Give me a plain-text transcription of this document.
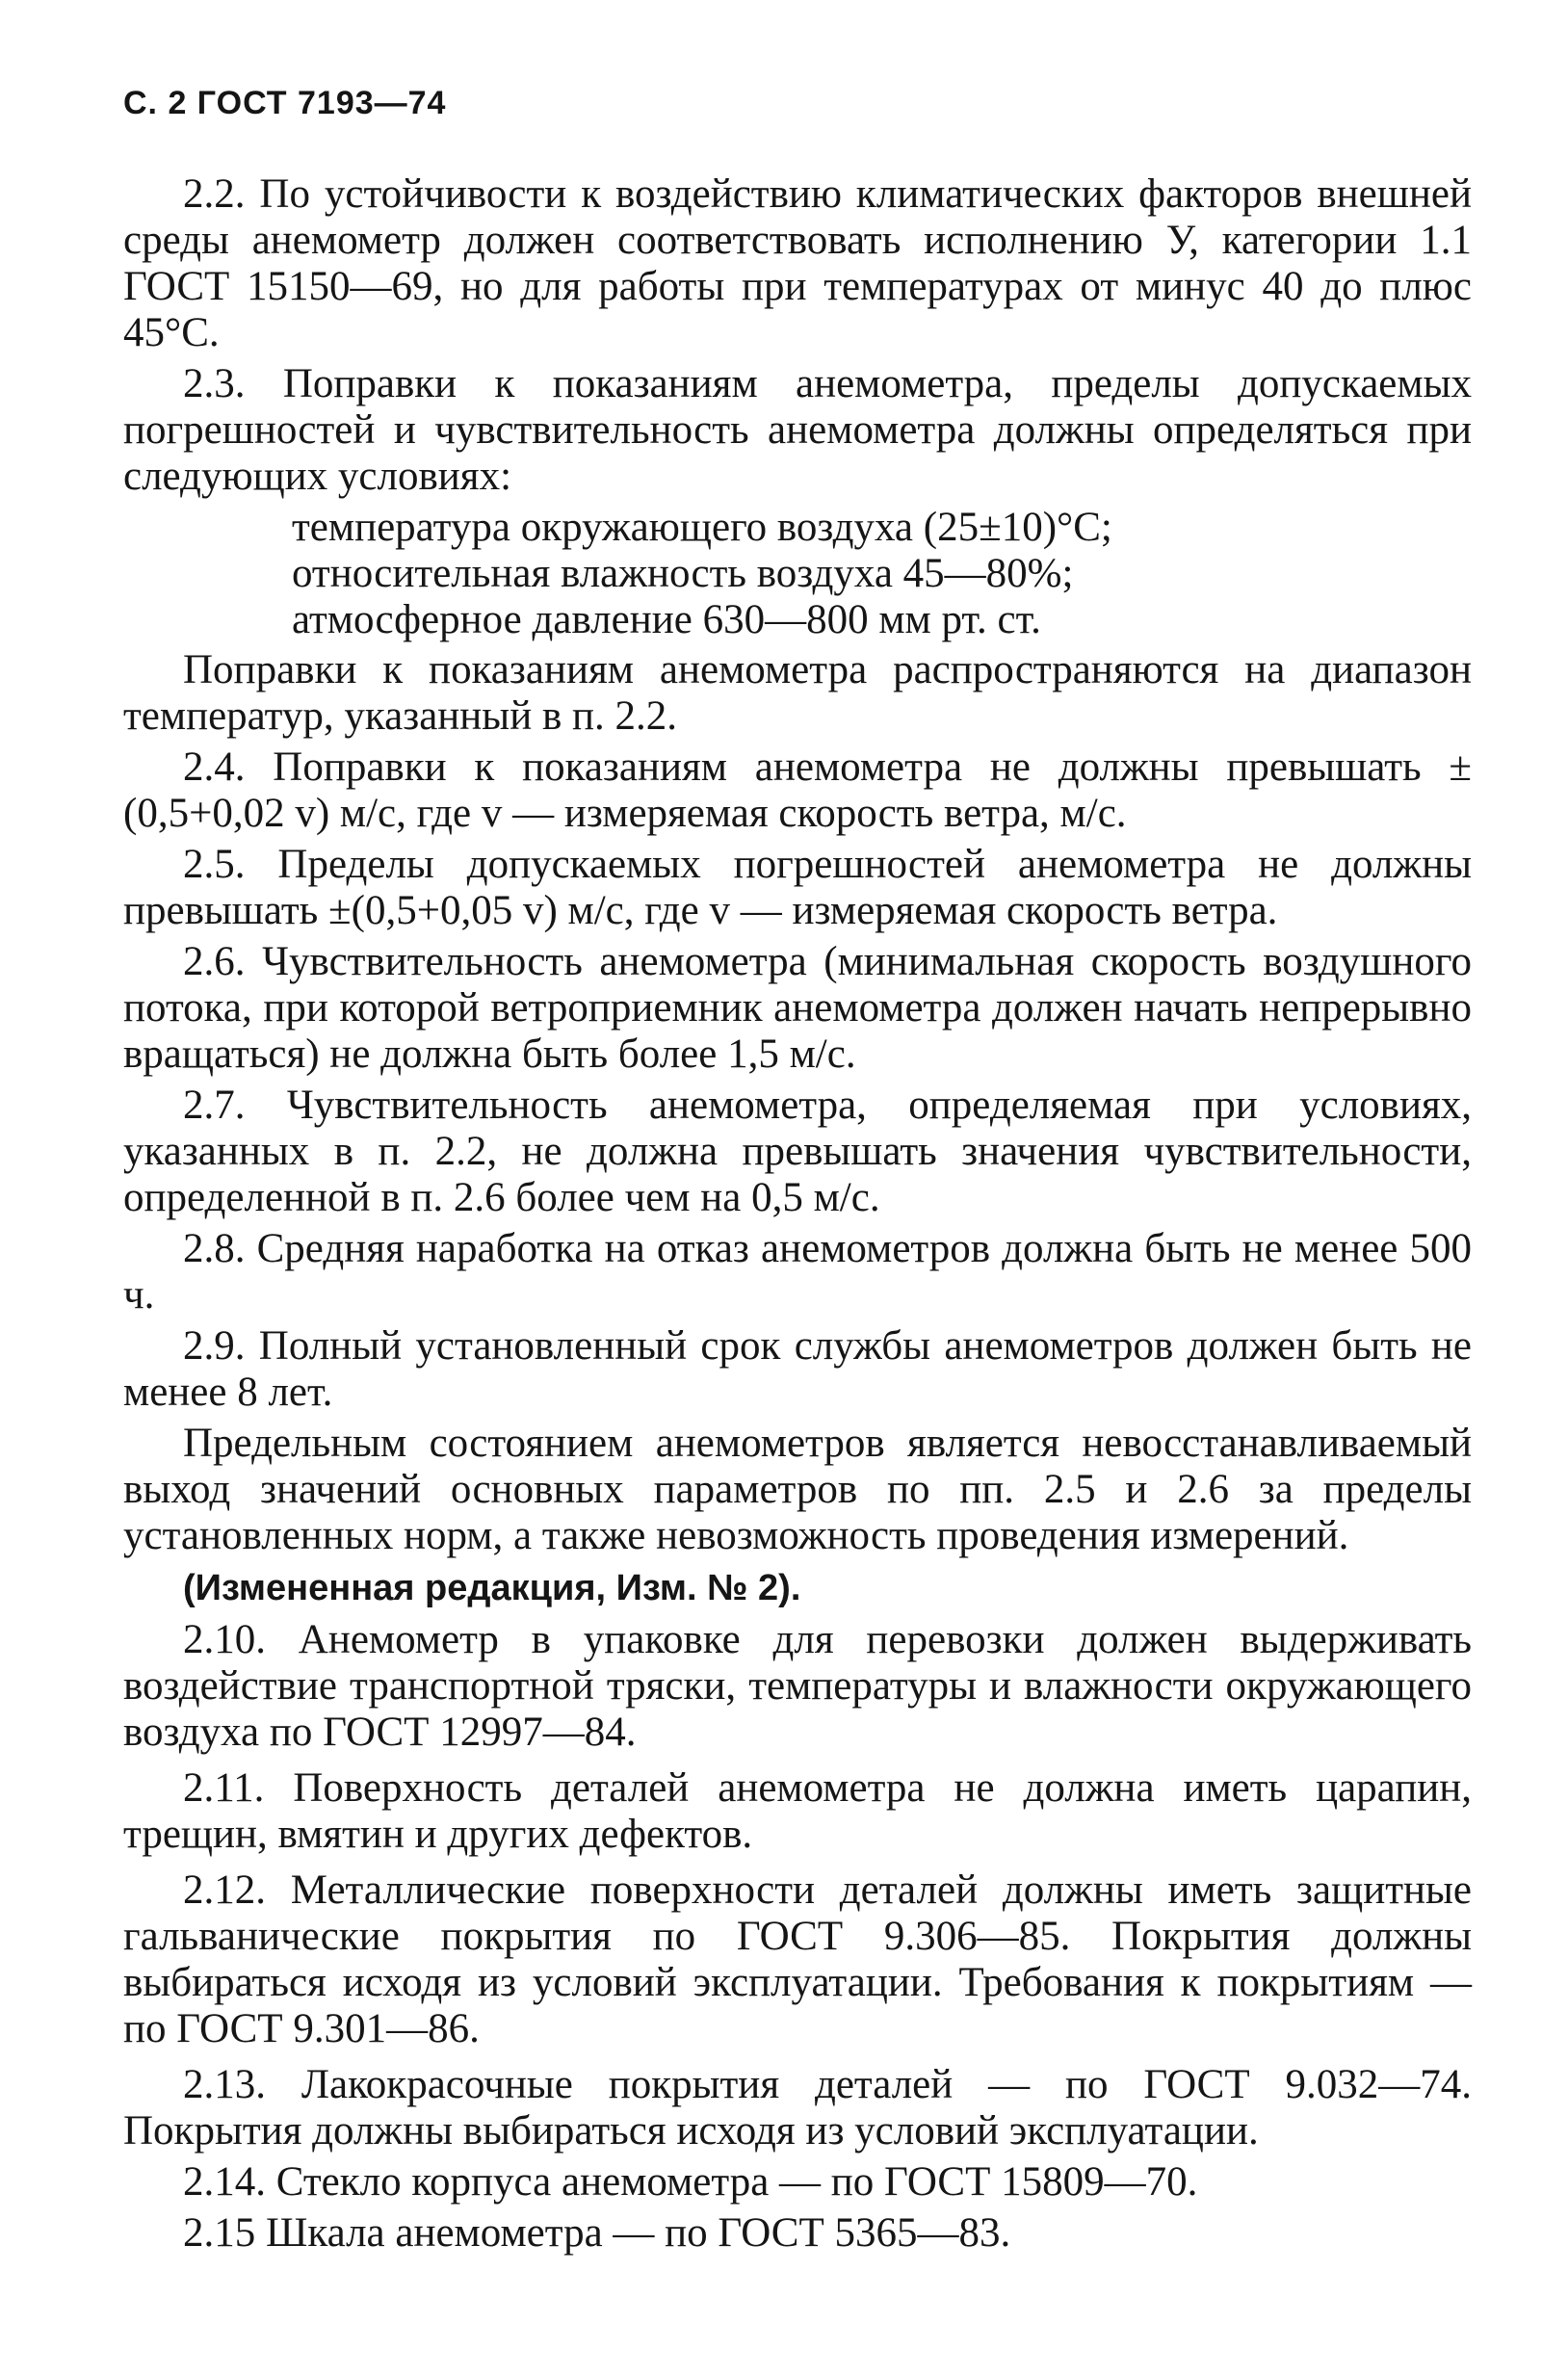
С. 2 ГОСТ 7193—74

2.2. По устойчивости к воздействию климатических факторов внешней среды анемометр должен соответствовать исполнению У, категории 1.1 ГОСТ 15150—69, но для работы при температурах от минус 40 до плюс 45°С.

2.3. Поправки к показаниям анемометра, пределы допускаемых погрешностей и чувствительность анемометра должны определяться при следующих условиях:

температура окружающего воздуха (25±10)°С;

относительная влажность воздуха 45—80%;

атмосферное давление 630—800 мм рт. ст.

Поправки к показаниям анемометра распространяются на диапазон температур, указанный в п. 2.2.

2.4. Поправки к показаниям анемометра не должны превышать ± (0,5+0,02 v) м/с, где v — измеряемая скорость ветра, м/с.

2.5. Пределы допускаемых погрешностей анемометра не должны превышать ±(0,5+0,05 v) м/с, где v — измеряемая скорость ветра.

2.6. Чувствительность анемометра (минимальная скорость воздушного потока, при которой ветроприемник анемометра должен начать непрерывно вращаться) не должна быть более 1,5 м/с.

2.7. Чувствительность анемометра, определяемая при условиях, указанных в п. 2.2, не должна превышать значения чувствительности, определенной в п. 2.6 более чем на 0,5 м/с.

2.8. Средняя наработка на отказ анемометров должна быть не менее 500 ч.

2.9. Полный установленный срок службы анемометров должен быть не менее 8 лет.

Предельным состоянием анемометров является невосстанавливаемый выход значений основных параметров по пп. 2.5 и 2.6 за пределы установленных норм, а также невозможность проведения измерений.

(Измененная редакция, Изм. № 2).

2.10. Анемометр в упаковке для перевозки должен выдерживать воздействие транспортной тряски, температуры и влажности окружающего воздуха по ГОСТ 12997—84.

2.11. Поверхность деталей анемометра не должна иметь царапин, трещин, вмятин и других дефектов.

2.12. Металлические поверхности деталей должны иметь защитные гальванические покрытия по ГОСТ 9.306—85. Покрытия должны выбираться исходя из условий эксплуатации. Требования к покрытиям — по ГОСТ 9.301—86.

2.13. Лакокрасочные покрытия деталей — по ГОСТ 9.032—74. Покрытия должны выбираться исходя из условий эксплуатации.

2.14. Стекло корпуса анемометра — по ГОСТ 15809—70.

2.15 Шкала анемометра — по ГОСТ 5365—83.
